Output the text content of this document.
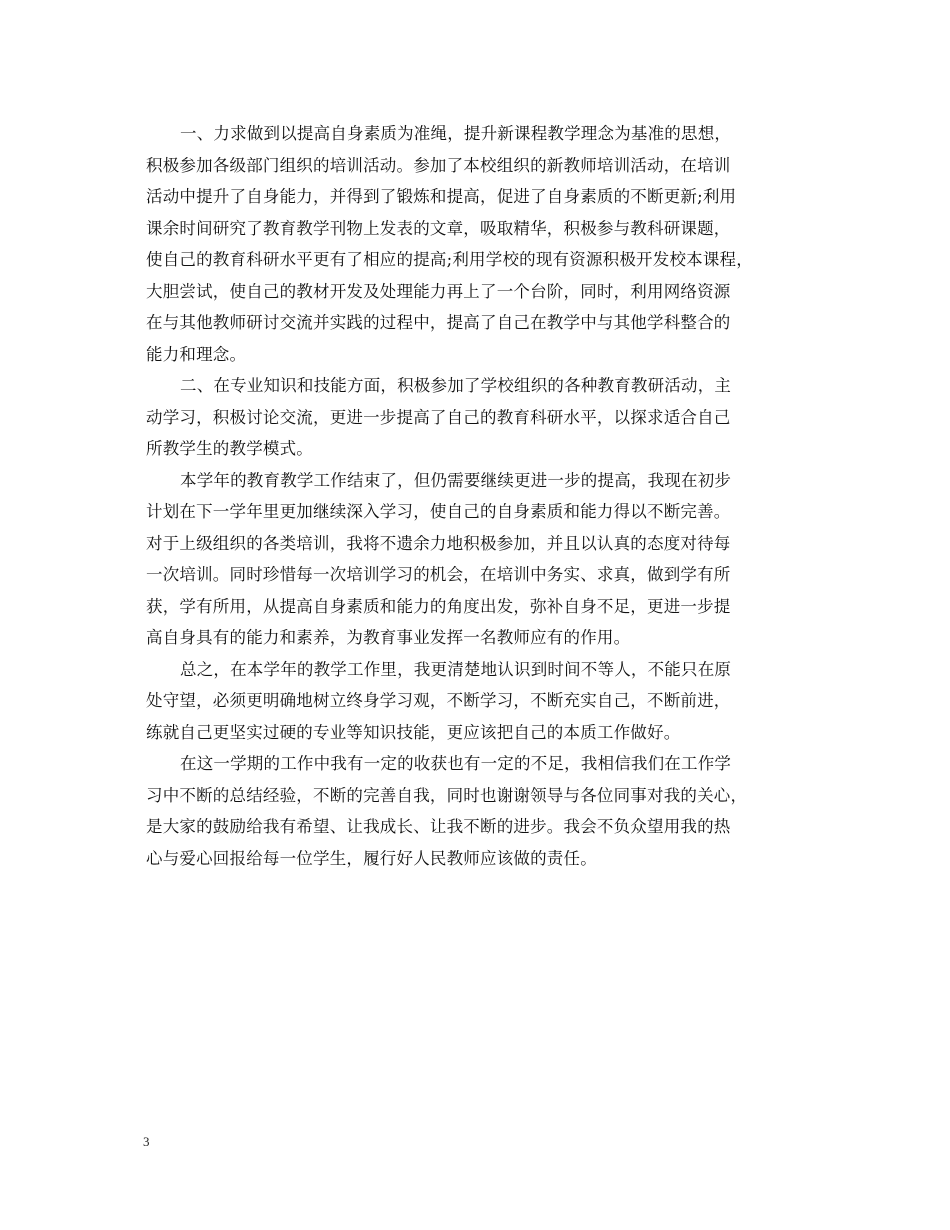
一、力求做到以提高自身素质为准绳，提升新课程教学理念为基准的思想，
积极参加各级部门组织的培训活动。参加了本校组织的新教师培训活动，在培训
活动中提升了自身能力，并得到了锻炼和提高，促进了自身素质的不断更新;利用
课余时间研究了教育教学刊物上发表的文章，吸取精华，积极参与教科研课题，
使自己的教育科研水平更有了相应的提高;利用学校的现有资源积极开发校本课程，
大胆尝试，使自己的教材开发及处理能力再上了一个台阶，同时，利用网络资源
在与其他教师研讨交流并实践的过程中，提高了自己在教学中与其他学科整合的
能力和理念。
二、在专业知识和技能方面，积极参加了学校组织的各种教育教研活动，主
动学习，积极讨论交流，更进一步提高了自己的教育科研水平，以探求适合自己
所教学生的教学模式。
本学年的教育教学工作结束了，但仍需要继续更进一步的提高，我现在初步
计划在下一学年里更加继续深入学习，使自己的自身素质和能力得以不断完善。
对于上级组织的各类培训，我将不遗余力地积极参加，并且以认真的态度对待每
一次培训。同时珍惜每一次培训学习的机会，在培训中务实、求真，做到学有所
获，学有所用，从提高自身素质和能力的角度出发，弥补自身不足，更进一步提
高自身具有的能力和素养，为教育事业发挥一名教师应有的作用。
总之，在本学年的教学工作里，我更清楚地认识到时间不等人，不能只在原
处守望，必须更明确地树立终身学习观，不断学习，不断充实自己，不断前进，
练就自己更坚实过硬的专业等知识技能，更应该把自己的本质工作做好。
在这一学期的工作中我有一定的收获也有一定的不足，我相信我们在工作学
习中不断的总结经验，不断的完善自我，同时也谢谢领导与各位同事对我的关心，
是大家的鼓励给我有希望、让我成长、让我不断的进步。我会不负众望用我的热
心与爱心回报给每一位学生，履行好人民教师应该做的责任。
3
